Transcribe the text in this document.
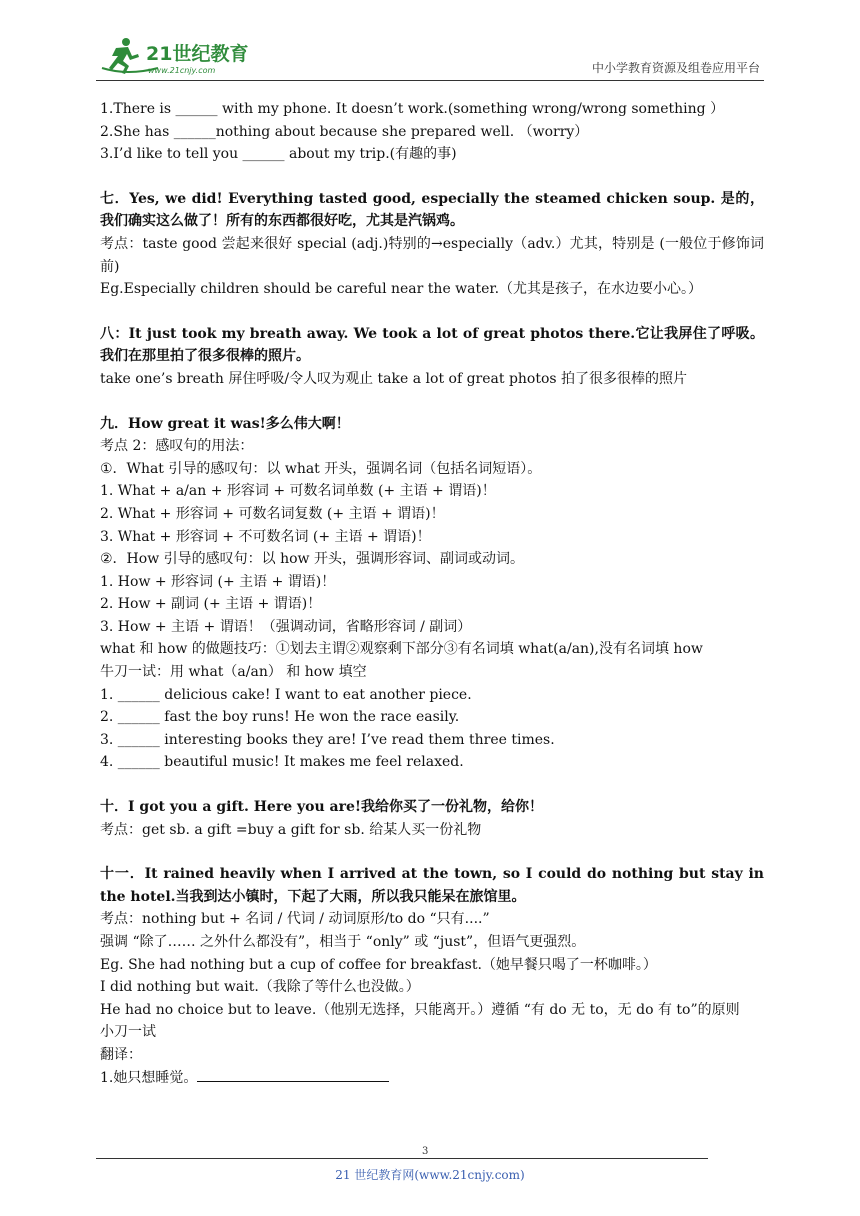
21世纪教育
www.21cnjy.com	中小学教育资源及组卷应用平台

1.There is ______ with my phone. It doesn’t work.(something wrong/wrong something ）

2.She has ______nothing about because she prepared well. （worry）

3.I’d like to tell you ______ about my trip.(有趣的事)

七．Yes, we did! Everything tasted good, especially the steamed chicken soup. 是的，我们确实这么做了！所有的东西都很好吃，尤其是汽锅鸡。

考点：taste good 尝起来很好 special (adj.)特别的→especially（adv.）尤其，特别是 (一般位于修饰词前)

Eg.Especially children should be careful near the water.（尤其是孩子，在水边要小心。）

八：It just took my breath away. We took a lot of great photos there.它让我屏住了呼吸。我们在那里拍了很多很棒的照片。

take one’s breath 屏住呼吸/令人叹为观止 take a lot of great photos 拍了很多很棒的照片

九．How great it was!多么伟大啊！

考点 2：感叹句的用法：

①．What 引导的感叹句：以 what 开头，强调名词（包括名词短语）。

1. What + a/an + 形容词 + 可数名词单数 (+ 主语 + 谓语)！

2. What + 形容词 + 可数名词复数 (+ 主语 + 谓语)！

3. What + 形容词 + 不可数名词 (+ 主语 + 谓语)！

②．How 引导的感叹句：以 how 开头，强调形容词、副词或动词。

1. How + 形容词 (+ 主语 + 谓语)！

2. How + 副词 (+ 主语 + 谓语)！

3. How + 主语 + 谓语！（强调动词，省略形容词 / 副词）

what 和 how 的做题技巧：①划去主谓②观察剩下部分③有名词填 what(a/an),没有名词填 how

牛刀一试：用 what（a/an） 和 how 填空

1. ______ delicious cake! I want to eat another piece.

2. ______ fast the boy runs! He won the race easily.

3. ______ interesting books they are! I’ve read them three times.

4. ______ beautiful music! It makes me feel relaxed.

十．I got you a gift. Here you are!我给你买了一份礼物，给你！

考点：get sb. a gift =buy a gift for sb. 给某人买一份礼物

十一．It rained heavily when I arrived at the town, so I could do nothing but stay in the hotel.当我到达小镇时，下起了大雨，所以我只能呆在旅馆里。

考点：nothing but + 名词 / 代词 / 动词原形/to do “只有....”

强调 “除了…… 之外什么都没有”，相当于 “only” 或 “just”，但语气更强烈。

Eg. She had nothing but a cup of coffee for breakfast.（她早餐只喝了一杯咖啡。）

I did nothing but wait.（我除了等什么也没做。）

He had no choice but to leave.（他别无选择，只能离开。）遵循 “有 do 无 to，无 do 有 to”的原则

小刀一试

翻译：

1.她只想睡觉。

3
21 世纪教育网(www.21cnjy.com)
